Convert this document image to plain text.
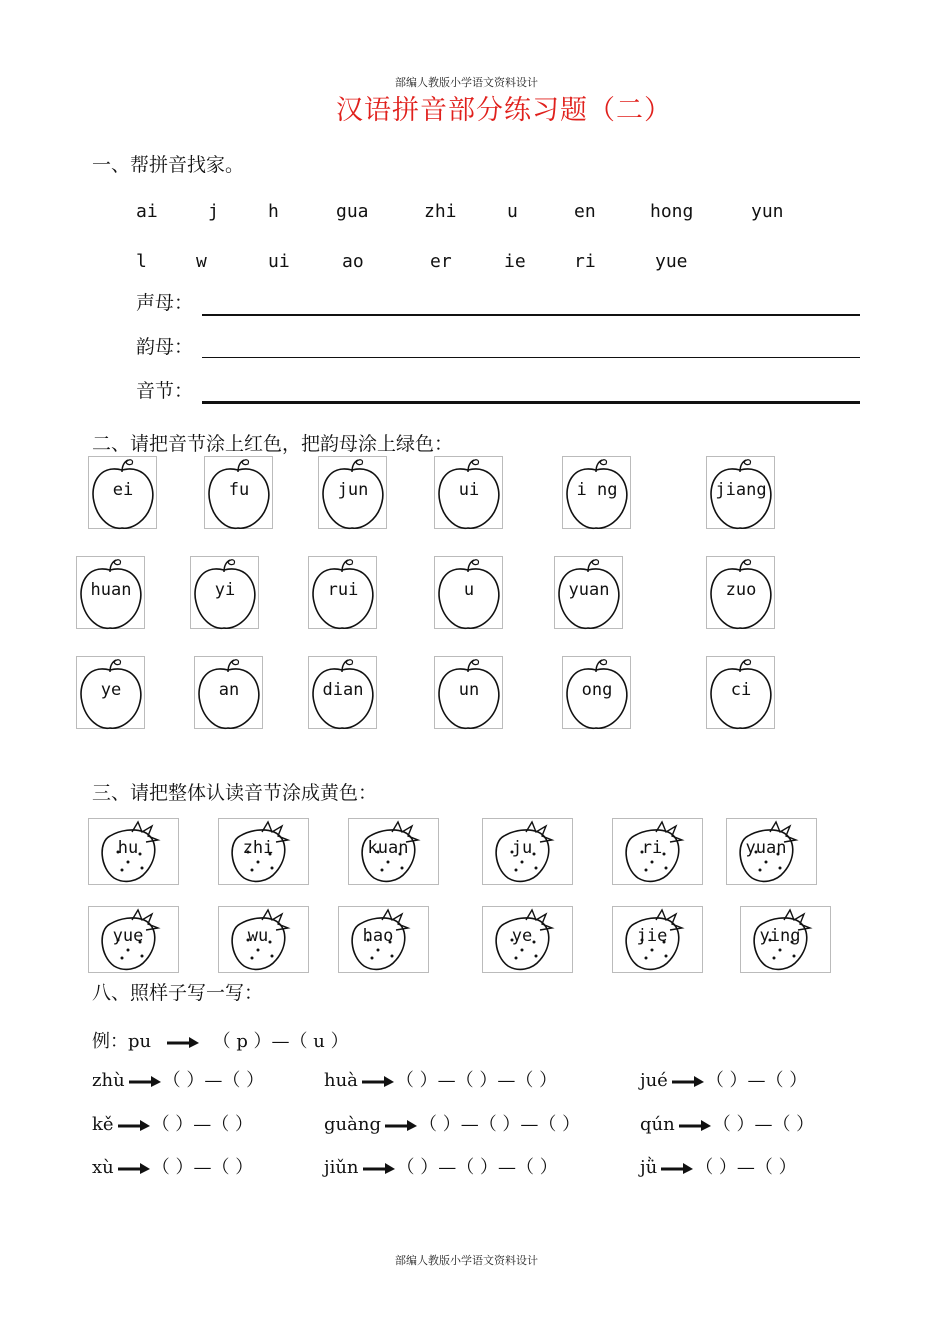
部编人教版小学语文资料设计
汉语拼音部分练习题（二）
一、帮拼音找家。
ai	j	h	gua	zhi	u	en	hong	yun
l	w	ui	ao	er	ie	ri	yue
声母：
韵母：
音节：
二、请把音节涂上红色，把韵母涂上绿色：
ei	fu	jun	ui	i ng	jiang
huan	yi	rui	u	yuan	zuo
ye	an	dian	un	ong	ci
三、请把整体认读音节涂成黄色：
hu	zhi	kuan	ju	ri	yuan
yue	wu	hao	ye	jie	ying
八、照样子写一写：
例：pu	（ p ）—（ u ）
zhù （ ）—（ ）	huà （ ）—（ ）—（ ）	jué （ ）—（ ）
kě （ ）—（ ）	guàng （ ）—（ ）—（ ）	qún （ ）—（ ）
xù （ ）—（ ）	jiǔn （ ）—（ ）—（ ）	jǜ （ ）—（ ）
部编人教版小学语文资料设计
